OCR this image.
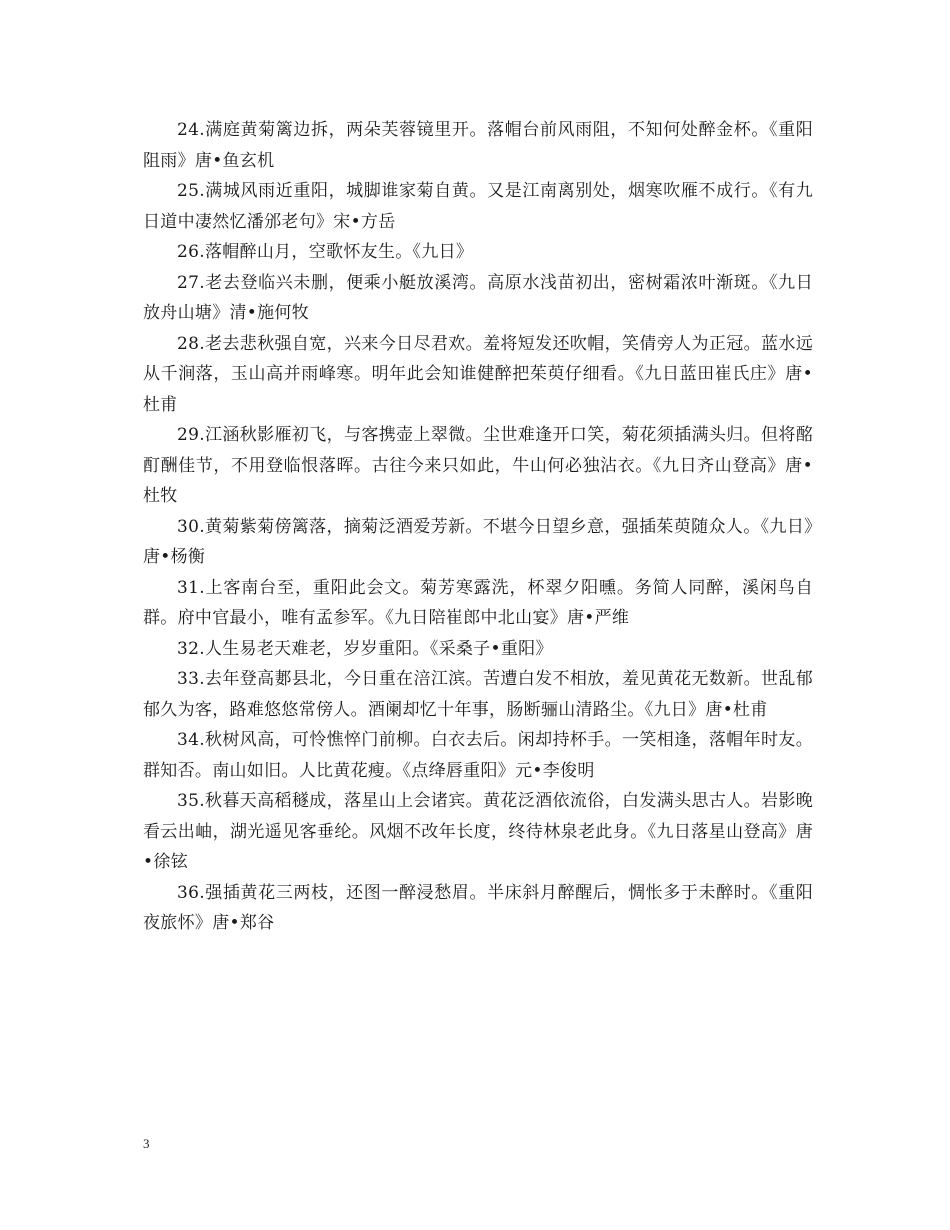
24.满庭黄菊篱边拆，两朵芙蓉镜里开。落帽台前风雨阻，不知何处醉金杯。《重阳阻雨》唐•鱼玄机

25.满城风雨近重阳，城脚谁家菊自黄。又是江南离别处，烟寒吹雁不成行。《有九日道中凄然忆潘邠老句》宋•方岳

26.落帽醉山月，空歌怀友生。《九日》

27.老去登临兴未删，便乘小艇放溪湾。高原水浅苗初出，密树霜浓叶渐斑。《九日放舟山塘》清•施何牧

28.老去悲秋强自宽，兴来今日尽君欢。羞将短发还吹帽，笑倩旁人为正冠。蓝水远从千涧落，玉山高并雨峰寒。明年此会知谁健醉把茱萸仔细看。《九日蓝田崔氏庄》唐•杜甫

29.江涵秋影雁初飞，与客携壶上翠微。尘世难逢开口笑，菊花须插满头归。但将酩酊酬佳节，不用登临恨落晖。古往今来只如此，牛山何必独沾衣。《九日齐山登高》唐•杜牧

30.黄菊紫菊傍篱落，摘菊泛酒爱芳新。不堪今日望乡意，强插茱萸随众人。《九日》唐•杨衡

31.上客南台至，重阳此会文。菊芳寒露洗，杯翠夕阳曛。务简人同醉，溪闲鸟自群。府中官最小，唯有孟参军。《九日陪崔郎中北山宴》唐•严维

32.人生易老天难老，岁岁重阳。《采桑子•重阳》

33.去年登高郪县北，今日重在涪江滨。苦遭白发不相放，羞见黄花无数新。世乱郁郁久为客，路难悠悠常傍人。酒阑却忆十年事，肠断骊山清路尘。《九日》唐•杜甫

34.秋树风高，可怜憔悴门前柳。白衣去后。闲却持杯手。一笑相逢，落帽年时友。群知否。南山如旧。人比黄花瘦。《点绛唇重阳》元•李俊明

35.秋暮天高稻穟成，落星山上会诸宾。黄花泛酒依流俗，白发满头思古人。岩影晚看云出岫，湖光遥见客垂纶。风烟不改年长度，终待林泉老此身。《九日落星山登高》唐•徐铉

36.强插黄花三两枝，还图一醉浸愁眉。半床斜月醉醒后，惆怅多于未醉时。《重阳夜旅怀》唐•郑谷

3
